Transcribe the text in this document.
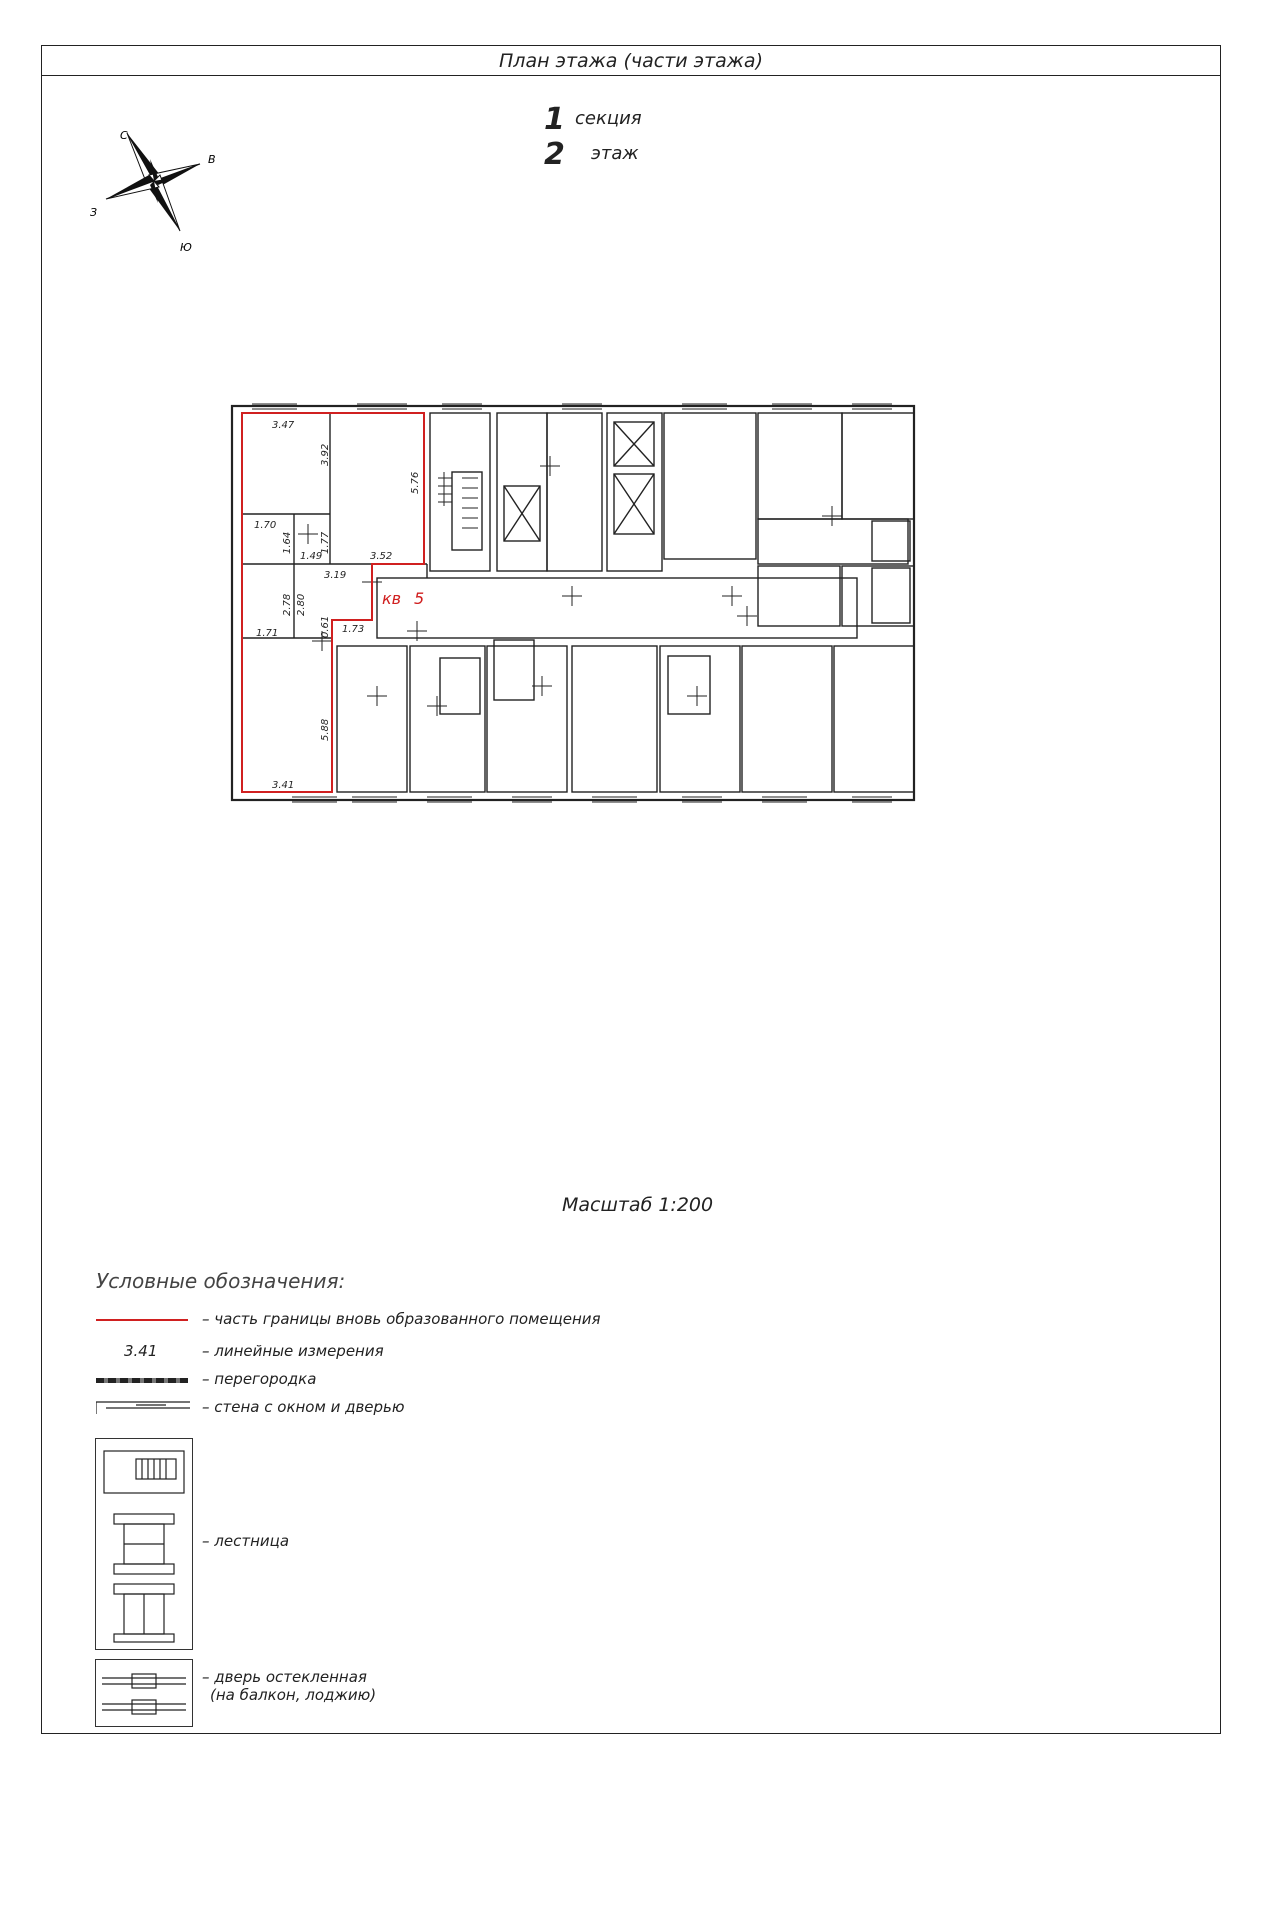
План этажа (части этажа)
С
В
Ю
З
1 секция
2 этаж
3.47
3.92
5.76
1.70
1.64
1.49
1.77
3.52
3.19
2.78 2.80
1.73
1.71	0.61
5.88
3.41
кв 5
Масштаб 1:200
Условные обозначения:
– часть границы вновь образованного помещения
3.41	– линейные измерения
– перегородка
– стена с окном и дверью
– лестница
– дверь остекленная
(на балкон, лоджию)
